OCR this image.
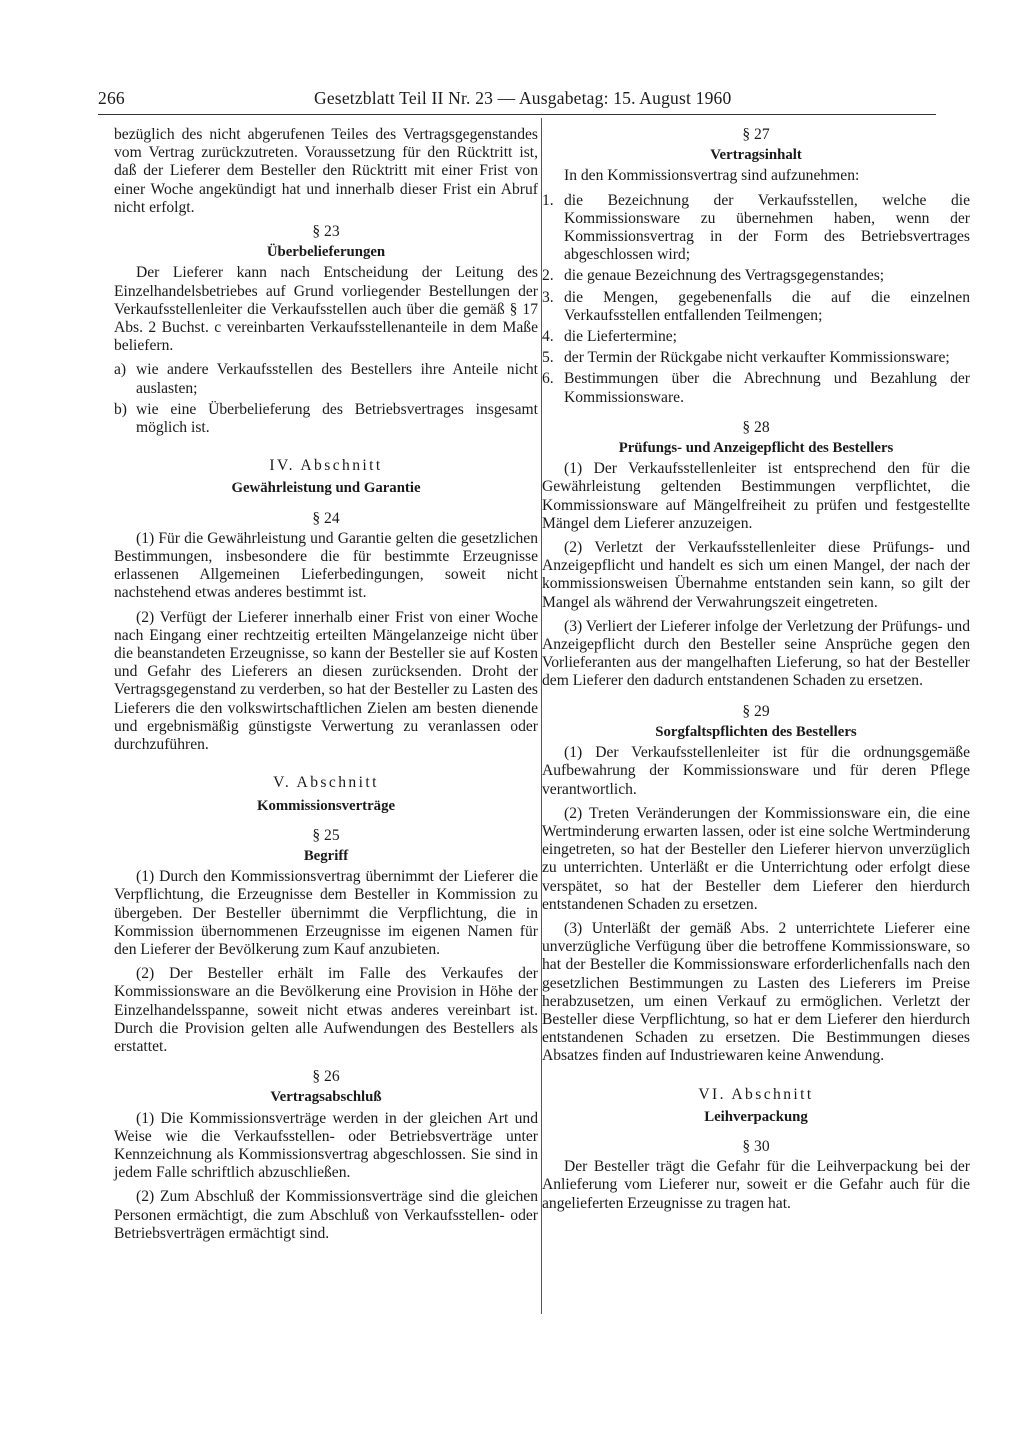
266	Gesetzblatt Teil II Nr. 23 — Ausgabetag: 15. August 1960

bezüglich des nicht abgerufenen Teiles des Vertragsgegenstandes vom Vertrag zurückzutreten. Voraussetzung für den Rücktritt ist, daß der Lieferer dem Besteller den Rücktritt mit einer Frist von einer Woche angekündigt hat und innerhalb dieser Frist ein Abruf nicht erfolgt.

§ 23
Überbelieferungen

Der Lieferer kann nach Entscheidung der Leitung des Einzelhandelsbetriebes auf Grund vorliegender Bestellungen der Verkaufsstellenleiter die Verkaufsstellen auch über die gemäß § 17 Abs. 2 Buchst. c vereinbarten Verkaufsstellenanteile in dem Maße beliefern.

a) wie andere Verkaufsstellen des Bestellers ihre Anteile nicht auslasten;
b) wie eine Überbelieferung des Betriebsvertrages insgesamt möglich ist.
IV. Abschnitt
Gewährleistung und Garantie
§ 24

(1) Für die Gewährleistung und Garantie gelten die gesetzlichen Bestimmungen, insbesondere die für bestimmte Erzeugnisse erlassenen Allgemeinen Lieferbedingungen, soweit nicht nachstehend etwas anderes bestimmt ist.

(2) Verfügt der Lieferer innerhalb einer Frist von einer Woche nach Eingang einer rechtzeitig erteilten Mängelanzeige nicht über die beanstandeten Erzeugnisse, so kann der Besteller sie auf Kosten und Gefahr des Lieferers an diesen zurücksenden. Droht der Vertragsgegenstand zu verderben, so hat der Besteller zu Lasten des Lieferers die den volkswirtschaftlichen Zielen am besten dienende und ergebnismäßig günstigste Verwertung zu veranlassen oder durchzuführen.

V. Abschnitt
Kommissionsverträge
§ 25
Begriff

(1) Durch den Kommissionsvertrag übernimmt der Lieferer die Verpflichtung, die Erzeugnisse dem Besteller in Kommission zu übergeben. Der Besteller übernimmt die Verpflichtung, die in Kommission übernommenen Erzeugnisse im eigenen Namen für den Lieferer der Bevölkerung zum Kauf anzubieten.

(2) Der Besteller erhält im Falle des Verkaufes der Kommissionsware an die Bevölkerung eine Provision in Höhe der Einzelhandelsspanne, soweit nicht etwas anderes vereinbart ist. Durch die Provision gelten alle Aufwendungen des Bestellers als erstattet.

§ 26
Vertragsabschluß

(1) Die Kommissionsverträge werden in der gleichen Art und Weise wie die Verkaufsstellen- oder Betriebsverträge unter Kennzeichnung als Kommissionsvertrag abgeschlossen. Sie sind in jedem Falle schriftlich abzuschließen.

(2) Zum Abschluß der Kommissionsverträge sind die gleichen Personen ermächtigt, die zum Abschluß von Verkaufsstellen- oder Betriebsverträgen ermächtigt sind.

§ 27
Vertragsinhalt

In den Kommissionsvertrag sind aufzunehmen:

1. die Bezeichnung der Verkaufsstellen, welche die Kommissionsware zu übernehmen haben, wenn der Kommissionsvertrag in der Form des Betriebsvertrages abgeschlossen wird;
2. die genaue Bezeichnung des Vertragsgegenstandes;
3. die Mengen, gegebenenfalls die auf die einzelnen Verkaufsstellen entfallenden Teilmengen;
4. die Liefertermine;
5. der Termin der Rückgabe nicht verkaufter Kommissionsware;
6. Bestimmungen über die Abrechnung und Bezahlung der Kommissionsware.
§ 28
Prüfungs- und Anzeigepflicht des Bestellers

(1) Der Verkaufsstellenleiter ist entsprechend den für die Gewährleistung geltenden Bestimmungen verpflichtet, die Kommissionsware auf Mängelfreiheit zu prüfen und festgestellte Mängel dem Lieferer anzuzeigen.

(2) Verletzt der Verkaufsstellenleiter diese Prüfungs- und Anzeigepflicht und handelt es sich um einen Mangel, der nach der kommissionsweisen Übernahme entstanden sein kann, so gilt der Mangel als während der Verwahrungszeit eingetreten.

(3) Verliert der Lieferer infolge der Verletzung der Prüfungs- und Anzeigepflicht durch den Besteller seine Ansprüche gegen den Vorlieferanten aus der mangelhaften Lieferung, so hat der Besteller dem Lieferer den dadurch entstandenen Schaden zu ersetzen.

§ 29
Sorgfaltspflichten des Bestellers

(1) Der Verkaufsstellenleiter ist für die ordnungsgemäße Aufbewahrung der Kommissionsware und für deren Pflege verantwortlich.

(2) Treten Veränderungen der Kommissionsware ein, die eine Wertminderung erwarten lassen, oder ist eine solche Wertminderung eingetreten, so hat der Besteller den Lieferer hiervon unverzüglich zu unterrichten. Unterläßt er die Unterrichtung oder erfolgt diese verspätet, so hat der Besteller dem Lieferer den hierdurch entstandenen Schaden zu ersetzen.

(3) Unterläßt der gemäß Abs. 2 unterrichtete Lieferer eine unverzügliche Verfügung über die betroffene Kommissionsware, so hat der Besteller die Kommissionsware erforderlichenfalls nach den gesetzlichen Bestimmungen zu Lasten des Lieferers im Preise herabzusetzen, um einen Verkauf zu ermöglichen. Verletzt der Besteller diese Verpflichtung, so hat er dem Lieferer den hierdurch entstandenen Schaden zu ersetzen. Die Bestimmungen dieses Absatzes finden auf Industriewaren keine Anwendung.

VI. Abschnitt
Leihverpackung
§ 30

Der Besteller trägt die Gefahr für die Leihverpackung bei der Anlieferung vom Lieferer nur, soweit er die Gefahr auch für die angelieferten Erzeugnisse zu tragen hat.
